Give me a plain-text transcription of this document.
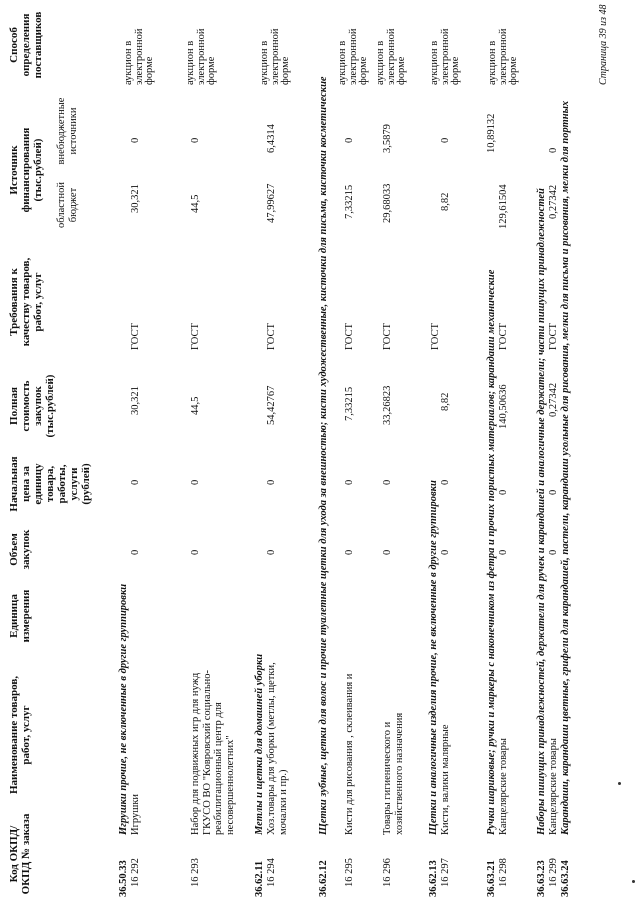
Код ОКПД/ ОКПД № заказа
Наименование товаров, работ, услуг
Единица измерения
Объем закупок
Начальная цена за единицу товара, работы, услуги (рублей)
Полная стоимость закупок (тыс.рублей)
Требования к качеству товаров, работ, услуг
Источник финансирования (тыс.рублей)
областной бюджет
внебюджетные источники
Способ определения поставщиков
36.50.33
Игрушки прочие, не включенные в другие группировки
16 292
Игрушки
0
0
30,321
ГОСТ
30,321
0
аукцион в электронной форме
16 293
Набор для подвижных игр для нужд ГКУСО ВО "Ковровский социально-реабилитационный центр для несовершеннолетних"
0
0
44,5
ГОСТ
44,5
0
аукцион в электронной форме
36.62.11
Метлы и щетки для домашней уборки
16 294
Хоз.товары для уборки (метлы, щетки, мочалки и пр.)
0
0
54,42767
ГОСТ
47,99627
6,4314
аукцион в электронной форме
36.62.12
Щетки зубные, щетки для волос и прочие туалетные щетки для ухода за внешностью; кисти художественные, кисточки для письма, кисточки косметические
16 295
Кисти для рисования , склеивания и
0
0
7,33215
ГОСТ
7,33215
0
аукцион в электронной форме
16 296
Товары гигиенического и хозяйственного назначения
0
0
33,26823
ГОСТ
29,68033
3,5879
аукцион в электронной форме
36.62.13
Щетки и аналогичные изделия прочие, не включенные в другие группировки
16 297
Кисти, валики малярные
0
0
8,82
ГОСТ
8,82
0
аукцион в электронной форме
36.63.21
Ручки шариковые; ручки и маркеры с наконечником из фетра и прочих пористых материалов; карандаши механические
16 298
Канцелярские товары
0
0
140,50636
ГОСТ
129,61504
10,89132
аукцион в электронной форме
36.63.23
Наборы пишущих принадлежностей, держатели для ручек и карандашей и аналогичные держатели; части пишущих принадлежностей
16 299
Канцелярские товары
0
0
0,27342
ГОСТ
0,27342
0
36.63.24
Карандаши, карандаши цветные, грифели для карандашей, пастели, карандаши угольные для рисования, мелки для письма и рисования, мелки для портных
Страница 39 из 48
